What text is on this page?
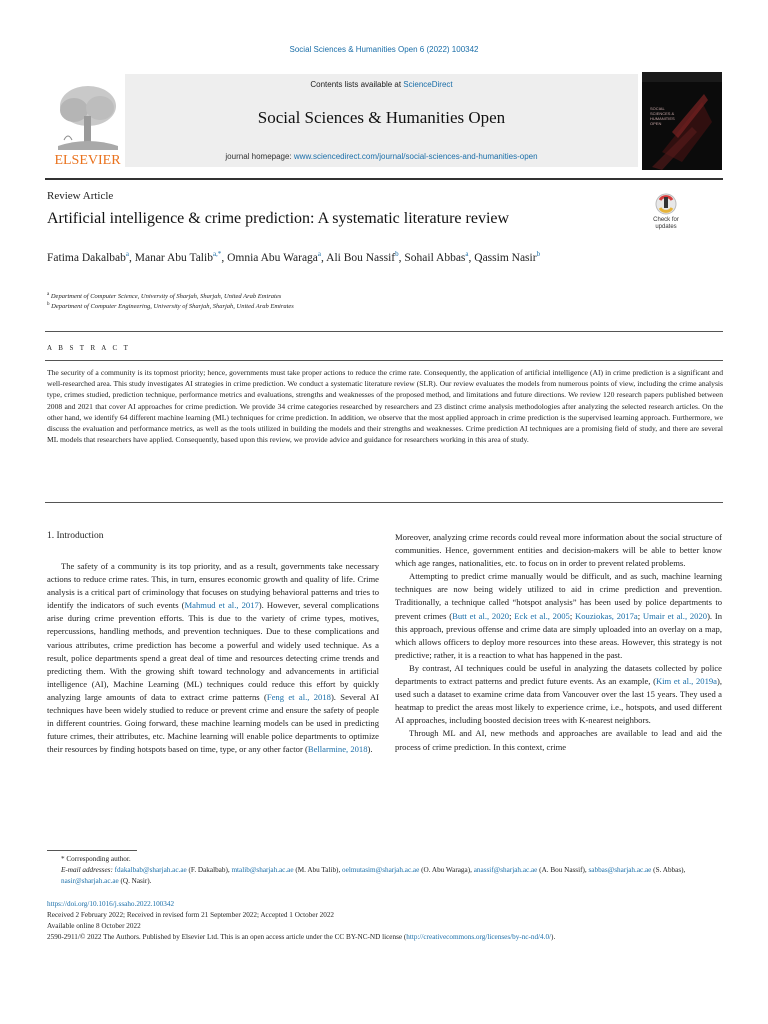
Social Sciences & Humanities Open 6 (2022) 100342
ELSEVIER
Contents lists available at ScienceDirect
Social Sciences & Humanities Open
journal homepage: www.sciencedirect.com/journal/social-sciences-and-humanities-open
SOCIAL
SCIENCES &
HUMANITIES
OPEN
Review Article
Artificial intelligence & crime prediction: A systematic literature review	Check for
updates
Fatima Dakalbab$^a$, Manar Abu Talib$^{a,*}$, Omnia Abu Waraga$^a$, Ali Bou Nassif$^b$, Sohail Abbas$^a$, Qassim Nasir$^b$
$^a$ Department of Computer Science, University of Sharjah, Sharjah, United Arab Emirates
$^b$ Department of Computer Engineering, University of Sharjah, Sharjah, United Arab Emirates
A B S T R A C T
The security of a community is its topmost priority; hence, governments must take proper actions to reduce the crime rate. Consequently, the application of artificial intelligence (AI) in crime prediction is a significant and well-researched area. This study investigates AI strategies in crime prediction. We conduct a systematic literature review (SLR). Our review evaluates the models from numerous points of view, including the crime analysis type, crimes studied, prediction technique, performance metrics and evaluations, strengths and weaknesses of the proposed method, and limitations and future directions. We review 120 research papers published between 2008 and 2021 that cover AI approaches for crime prediction. We provide 34 crime categories researched by researchers and 23 distinct crime analysis methodologies after analyzing the selected research articles. On the other hand, we identify 64 different machine learning (ML) techniques for crime prediction. In addition, we observe that the most applied approach in crime prediction is the supervised learning approach. Furthermore, we discuss the evaluation and performance metrics, as well as the tools utilized in building the models and their strengths and weaknesses. Crime prediction AI techniques are a promising field of study, and there are several ML models that researchers have applied. Consequently, based upon this review, we provide advice and guidance for researchers working in this area of study.
1. Introduction

The safety of a community is its top priority, and as a result, governments take necessary actions to reduce crime rates. This, in turn, ensures economic growth and quality of life. Crime analysis is a critical part of criminology that focuses on studying behavioral patterns and tries to identify the indicators of such events (Mahmud et al., 2017). However, several complications arise during crime prevention efforts. This is due to the variety of crime types, motives, repercussions, handling methods, and prevention techniques. Due to these complications and various attributes, crime prediction has become a powerful and widely used technique. As a result, police departments spend a great deal of time and resources detecting crime trends and predicting them. With the growing shift toward technology and advancements in artificial intelligence (AI), Machine Learning (ML) techniques could reduce this effort by quickly analyzing large amounts of data to extract crime patterns (Feng et al., 2018). Several AI techniques have been widely studied to reduce or prevent crime and ensure the safety of people in different countries. Going forward, these machine learning models can be used in predicting future crimes, their attributes, etc. Machine learning will enable police departments to optimize their resources by finding hotspots based on time, type, or any other factor (Bellarmine, 2018).

Moreover, analyzing crime records could reveal more information about the social structure of communities. Hence, government entities and decision-makers will be able to better know which age ranges, nationalities, etc. to focus on in order to prevent related problems.

Attempting to predict crime manually would be difficult, and as such, machine learning techniques are now being widely utilized to aid in crime prediction and prevention. Traditionally, a technique called “hotspot analysis” has been used by police departments to prevent crimes (Butt et al., 2020; Eck et al., 2005; Kouziokas, 2017a; Umair et al., 2020). In this approach, previous offense and crime data are simply uploaded into an overlay on a map, which allows officers to deploy more resources into these areas. However, this strategy is not predictive; rather, it is a reaction to what has happened in the past.

By contrast, AI techniques could be useful in analyzing the datasets collected by police departments to extract patterns and predict future events. As an example, (Kim et al., 2019a), used such a dataset to examine crime data from Vancouver over the last 15 years. They used a heatmap to predict the areas most likely to experience crime, i.e., hotspots, and used different AI approaches, including boosted decision trees with K-nearest neighbors.

Through ML and AI, new methods and approaches are available to lead and aid the process of crime prediction. In this context, crime

* Corresponding author.
E-mail addresses: fdakalbab@sharjah.ac.ae (F. Dakalbab), mtalib@sharjah.ac.ae (M. Abu Talib), oelmutasim@sharjah.ac.ae (O. Abu Waraga), anassif@sharjah.ac.ae (A. Bou Nassif), sabbas@sharjah.ac.ae (S. Abbas), nasir@sharjah.ac.ae (Q. Nasir).
https://doi.org/10.1016/j.ssaho.2022.100342
Received 2 February 2022; Received in revised form 21 September 2022; Accepted 1 October 2022
Available online 8 October 2022
2590-2911/© 2022 The Authors. Published by Elsevier Ltd. This is an open access article under the CC BY-NC-ND license (http://creativecommons.org/licenses/by-nc-nd/4.0/).
